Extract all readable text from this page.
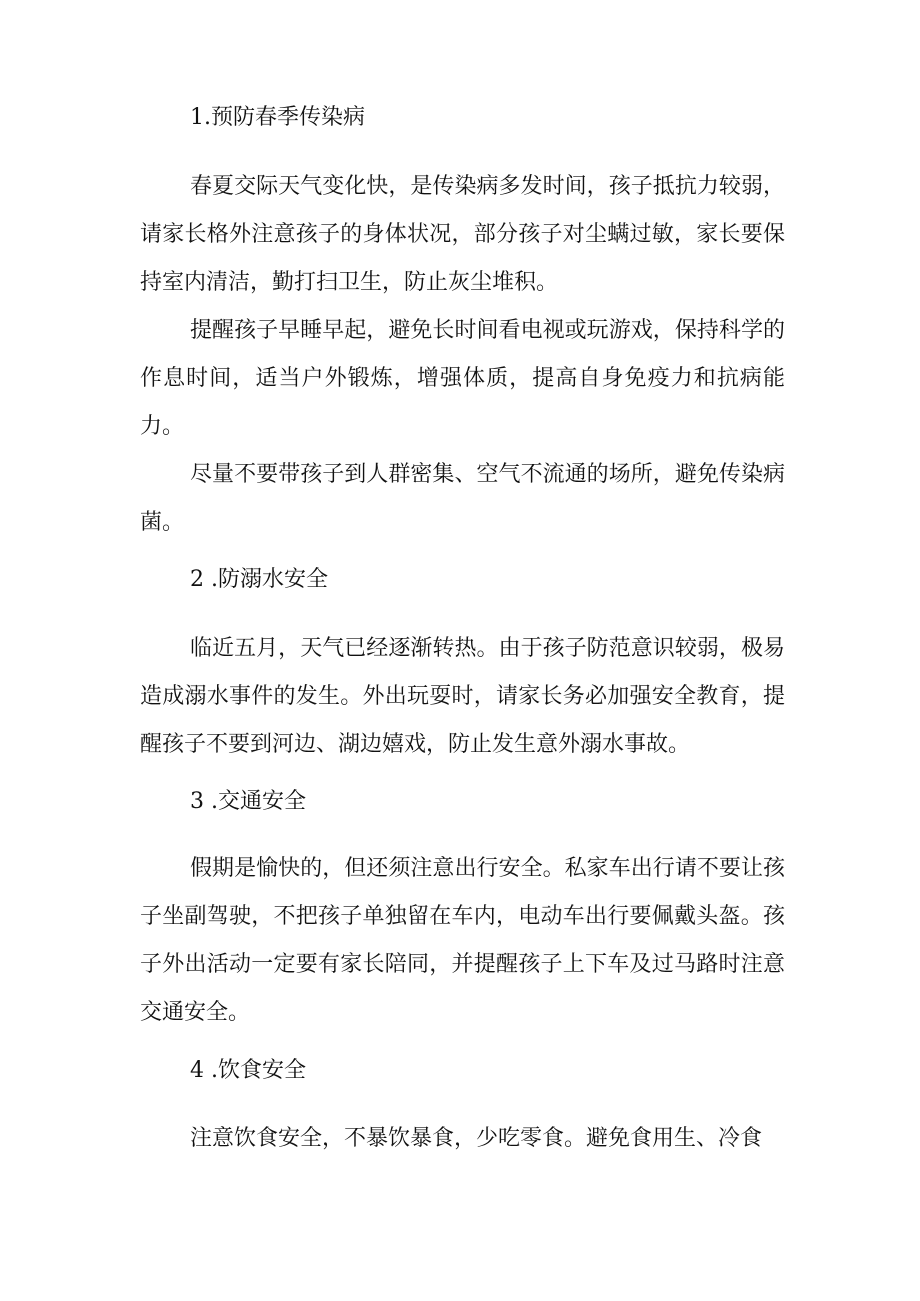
1.预防春季传染病

春夏交际天气变化快，是传染病多发时间，孩子抵抗力较弱，请家长格外注意孩子的身体状况，部分孩子对尘螨过敏，家长要保持室内清洁，勤打扫卫生，防止灰尘堆积。

提醒孩子早睡早起，避免长时间看电视或玩游戏，保持科学的作息时间，适当户外锻炼，增强体质，提高自身免疫力和抗病能力。

尽量不要带孩子到人群密集、空气不流通的场所，避免传染病菌。

2 .防溺水安全

临近五月，天气已经逐渐转热。由于孩子防范意识较弱，极易造成溺水事件的发生。外出玩耍时，请家长务必加强安全教育，提醒孩子不要到河边、湖边嬉戏，防止发生意外溺水事故。

3 .交通安全

假期是愉快的，但还须注意出行安全。私家车出行请不要让孩子坐副驾驶，不把孩子单独留在车内，电动车出行要佩戴头盔。孩子外出活动一定要有家长陪同，并提醒孩子上下车及过马路时注意交通安全。

4 .饮食安全

注意饮食安全，不暴饮暴食，少吃零食。避免食用生、冷食
